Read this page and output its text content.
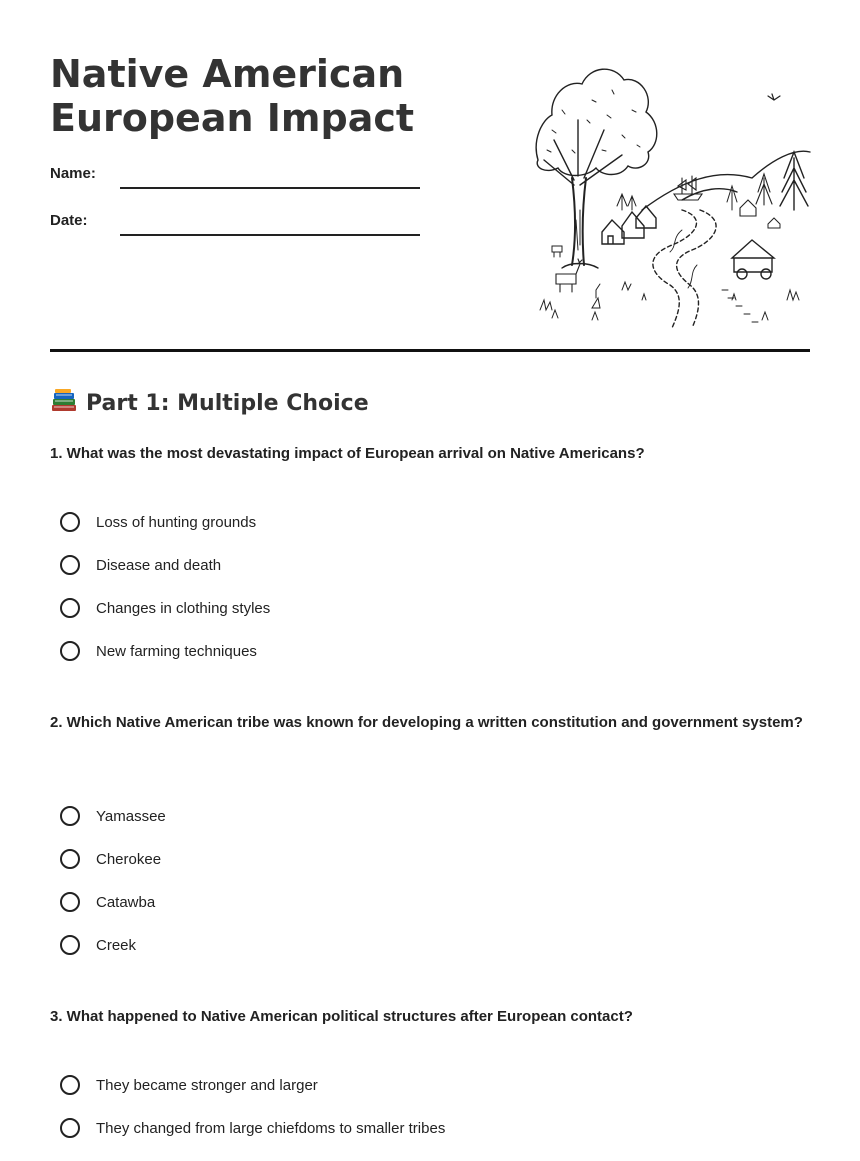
Native American
European Impact
Name:
Date:
Part 1: Multiple Choice
1. What was the most devastating impact of European arrival on Native Americans?
Loss of hunting grounds
Disease and death
Changes in clothing styles
New farming techniques
2. Which Native American tribe was known for developing a written constitution and government system?
Yamassee
Cherokee
Catawba
Creek
3. What happened to Native American political structures after European contact?
They became stronger and larger
They changed from large chiefdoms to smaller tribes
